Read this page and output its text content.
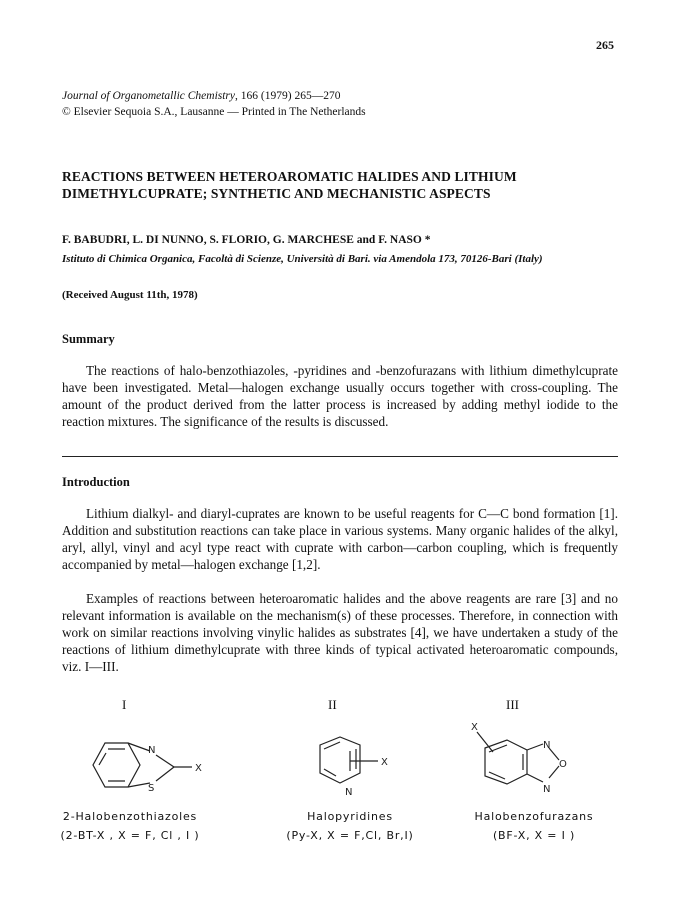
265
Journal of Organometallic Chemistry, 166 (1979) 265—270
© Elsevier Sequoia S.A., Lausanne — Printed in The Netherlands
REACTIONS BETWEEN HETEROAROMATIC HALIDES AND LITHIUM DIMETHYLCUPRATE; SYNTHETIC AND MECHANISTIC ASPECTS
F. BABUDRI, L. DI NUNNO, S. FLORIO, G. MARCHESE and F. NASO *
Istituto di Chimica Organica, Facoltà di Scienze, Università di Bari. via Amendola 173, 70126-Bari (Italy)
(Received August 11th, 1978)
Summary
The reactions of halo-benzothiazoles, -pyridines and -benzofurazans with lithium dimethylcuprate have been investigated. Metal—halogen exchange usually occurs together with cross-coupling. The amount of the product derived from the latter process is increased by adding methyl iodide to the reaction mixtures. The significance of the results is discussed.
Introduction
Lithium dialkyl- and diaryl-cuprates are known to be useful reagents for C—C bond formation [1]. Addition and substitution reactions can take place in various systems. Many organic halides of the alkyl, aryl, allyl, vinyl and acyl type react with cuprate with carbon—carbon coupling, which is frequently accompanied by metal—halogen exchange [1,2].
Examples of reactions between heteroaromatic halides and the above reagents are rare [3] and no relevant information is available on the mechanism(s) of these processes. Therefore, in connection with work on similar reactions involving vinylic halides as substrates [4], we have undertaken a study of the reactions of lithium dimethylcuprate with three kinds of typical activated heteroaromatic compounds, viz. I—III.
I
N
S
X
2-Halobenzothiazoles
(2-BT-X , X = F, Cl , I )
II
N
X
Halopyridines
(Py-X, X = F,Cl, Br,I)
III
X
N
O
N
Halobenzofurazans
(BF-X, X = I )
